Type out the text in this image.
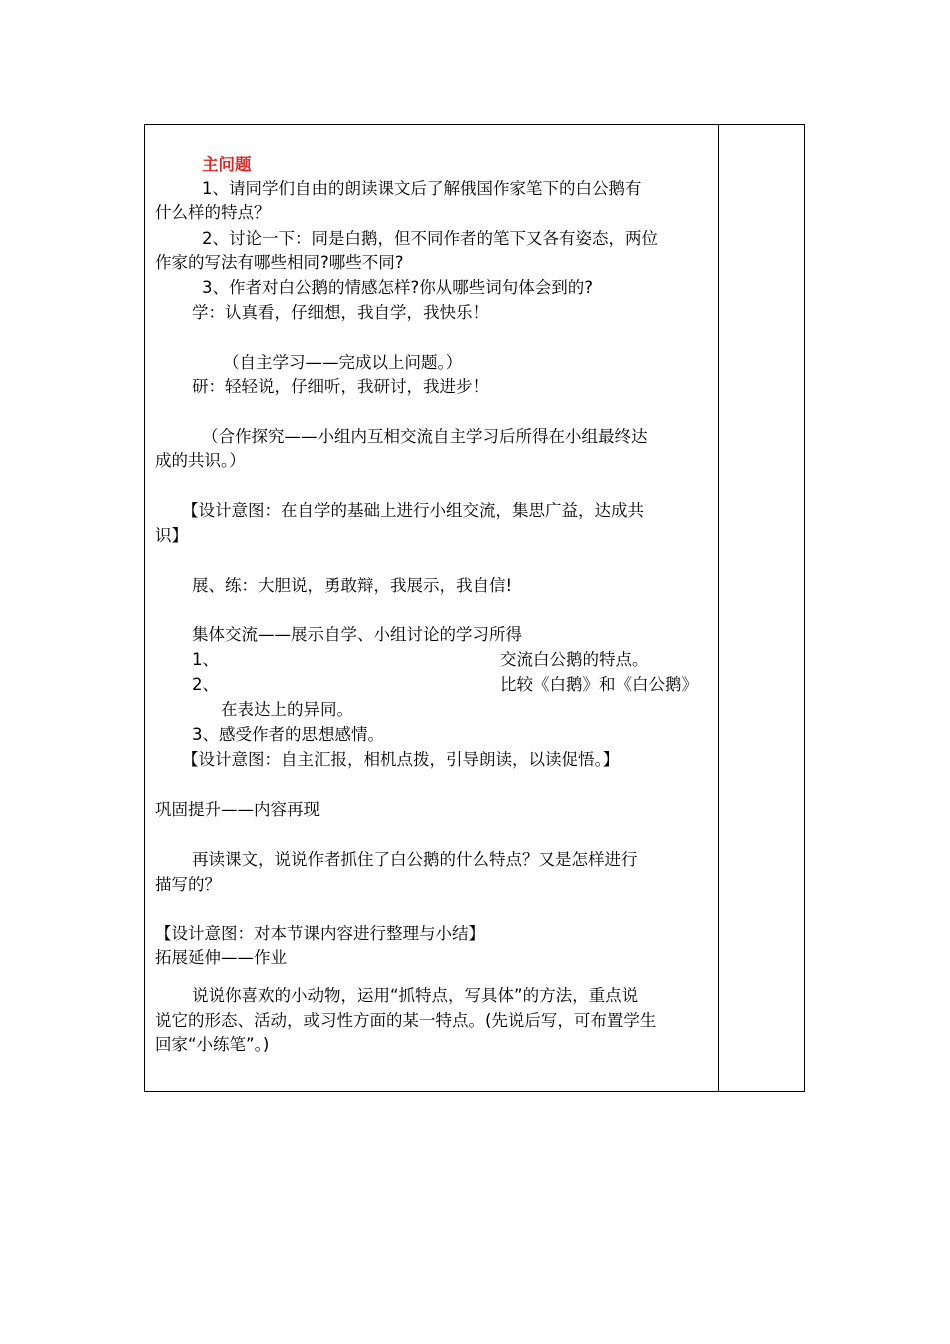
主问题
1、请同学们自由的朗读课文后了解俄国作家笔下的白公鹅有
什么样的特点？
2、讨论一下：同是白鹅，但不同作者的笔下又各有姿态，两位
作家的写法有哪些相同?哪些不同?
3、作者对白公鹅的情感怎样?你从哪些词句体会到的?
学：认真看，仔细想，我自学，我快乐！
（自主学习——完成以上问题。）
研：轻轻说，仔细听，我研讨，我进步！
（合作探究——小组内互相交流自主学习后所得在小组最终达
成的共识。）
【设计意图：在自学的基础上进行小组交流，集思广益，达成共
识】
展、练：大胆说，勇敢辩，我展示，我自信!
集体交流——展示自学、小组讨论的学习所得
1、	交流白公鹅的特点。
2、	比较《白鹅》和《白公鹅》
在表达上的异同。
3、感受作者的思想感情。
【设计意图：自主汇报，相机点拨，引导朗读，以读促悟。】
巩固提升——内容再现
再读课文，说说作者抓住了白公鹅的什么特点？又是怎样进行
描写的？
【设计意图：对本节课内容进行整理与小结】
拓展延伸——作业
说说你喜欢的小动物，运用“抓特点，写具体”的方法，重点说
说它的形态、活动，或习性方面的某一特点。(先说后写，可布置学生
回家“小练笔”。)
